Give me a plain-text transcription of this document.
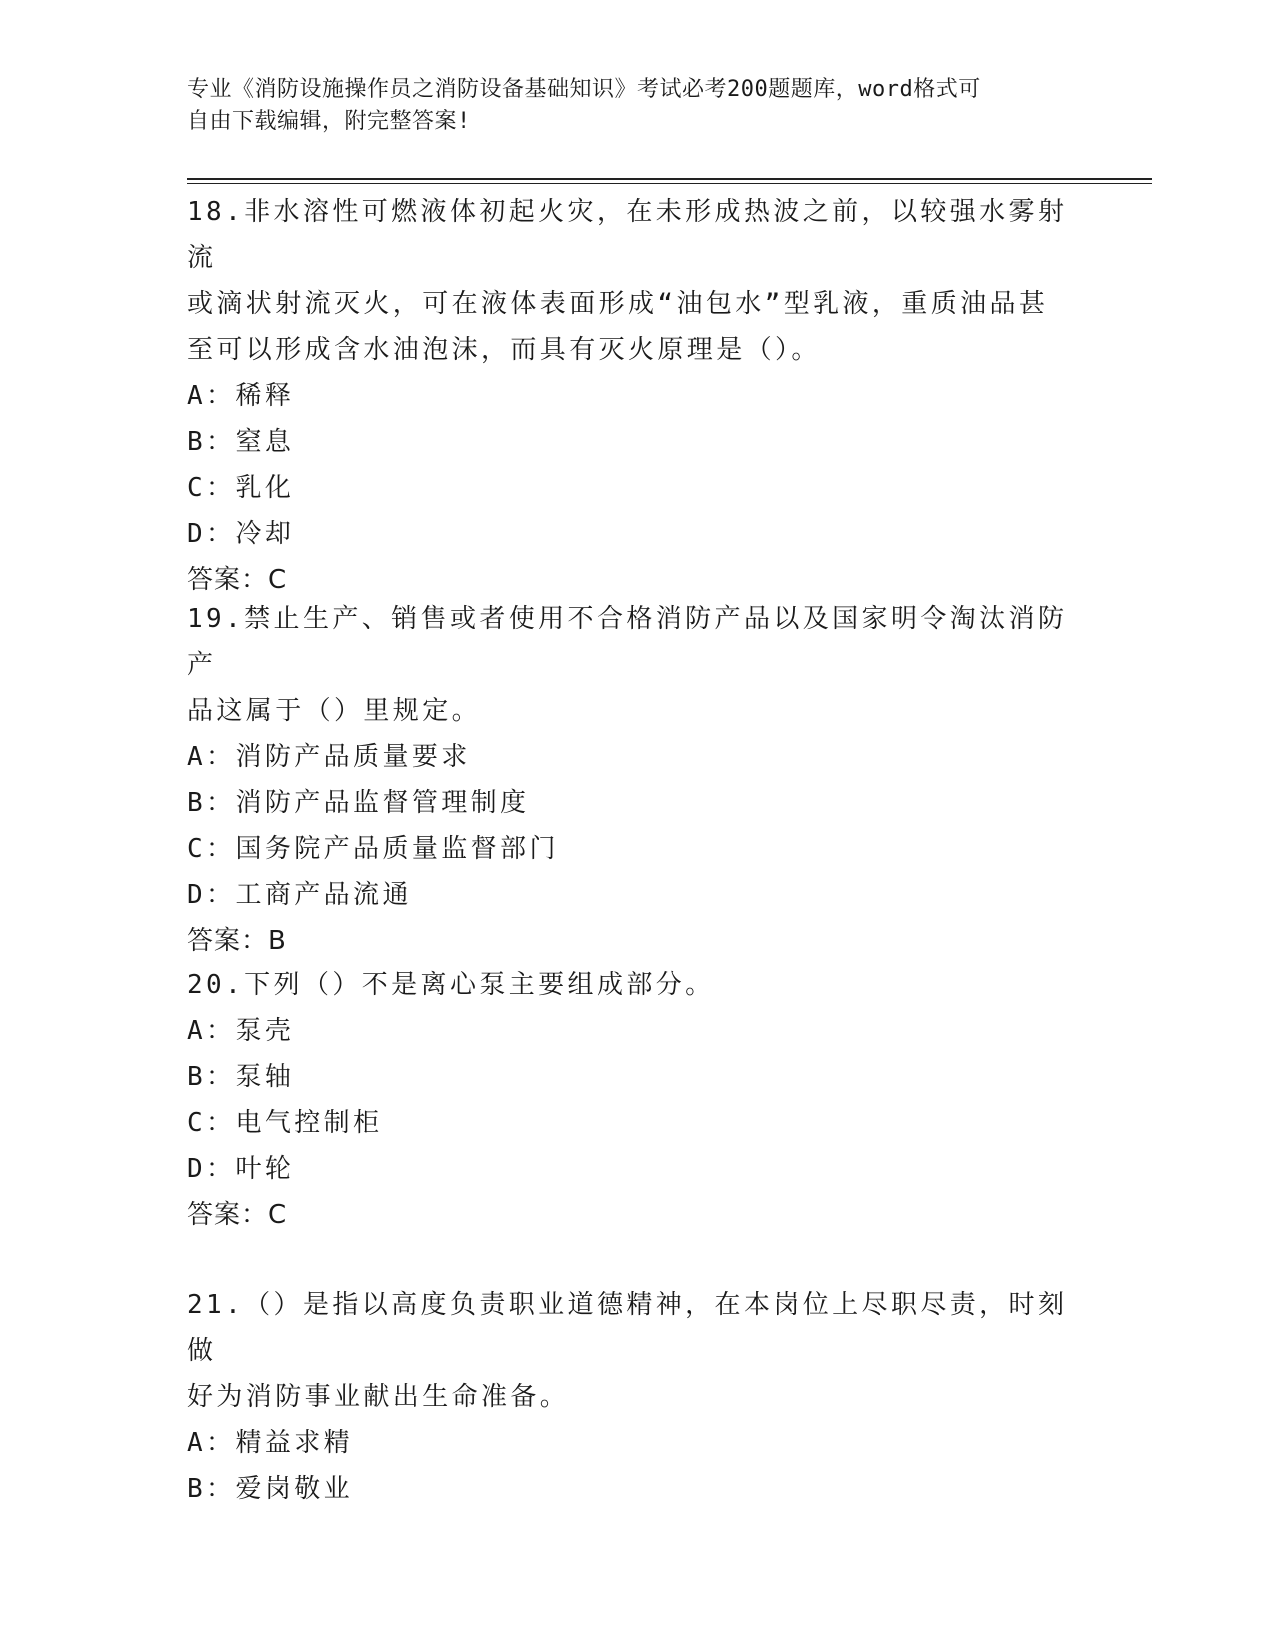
专业《消防设施操作员之消防设备基础知识》考试必考200题题库，word格式可
自由下载编辑，附完整答案!

18.非水溶性可燃液体初起火灾，在未形成热波之前，以较强水雾射流

或滴状射流灭火，可在液体表面形成“油包水”型乳液，重质油品甚

至可以形成含水油泡沫，而具有灭火原理是（）。

A：稀释

B：窒息

C：乳化

D：冷却

答案：C

19.禁止生产、销售或者使用不合格消防产品以及国家明令淘汰消防产

品这属于（）里规定。

A：消防产品质量要求

B：消防产品监督管理制度

C：国务院产品质量监督部门

D：工商产品流通

答案：B

20.下列（）不是离心泵主要组成部分。

A：泵壳

B：泵轴

C：电气控制柜

D：叶轮

答案：C

21.（）是指以高度负责职业道德精神，在本岗位上尽职尽责，时刻做

好为消防事业献出生命准备。

A：精益求精

B：爱岗敬业
